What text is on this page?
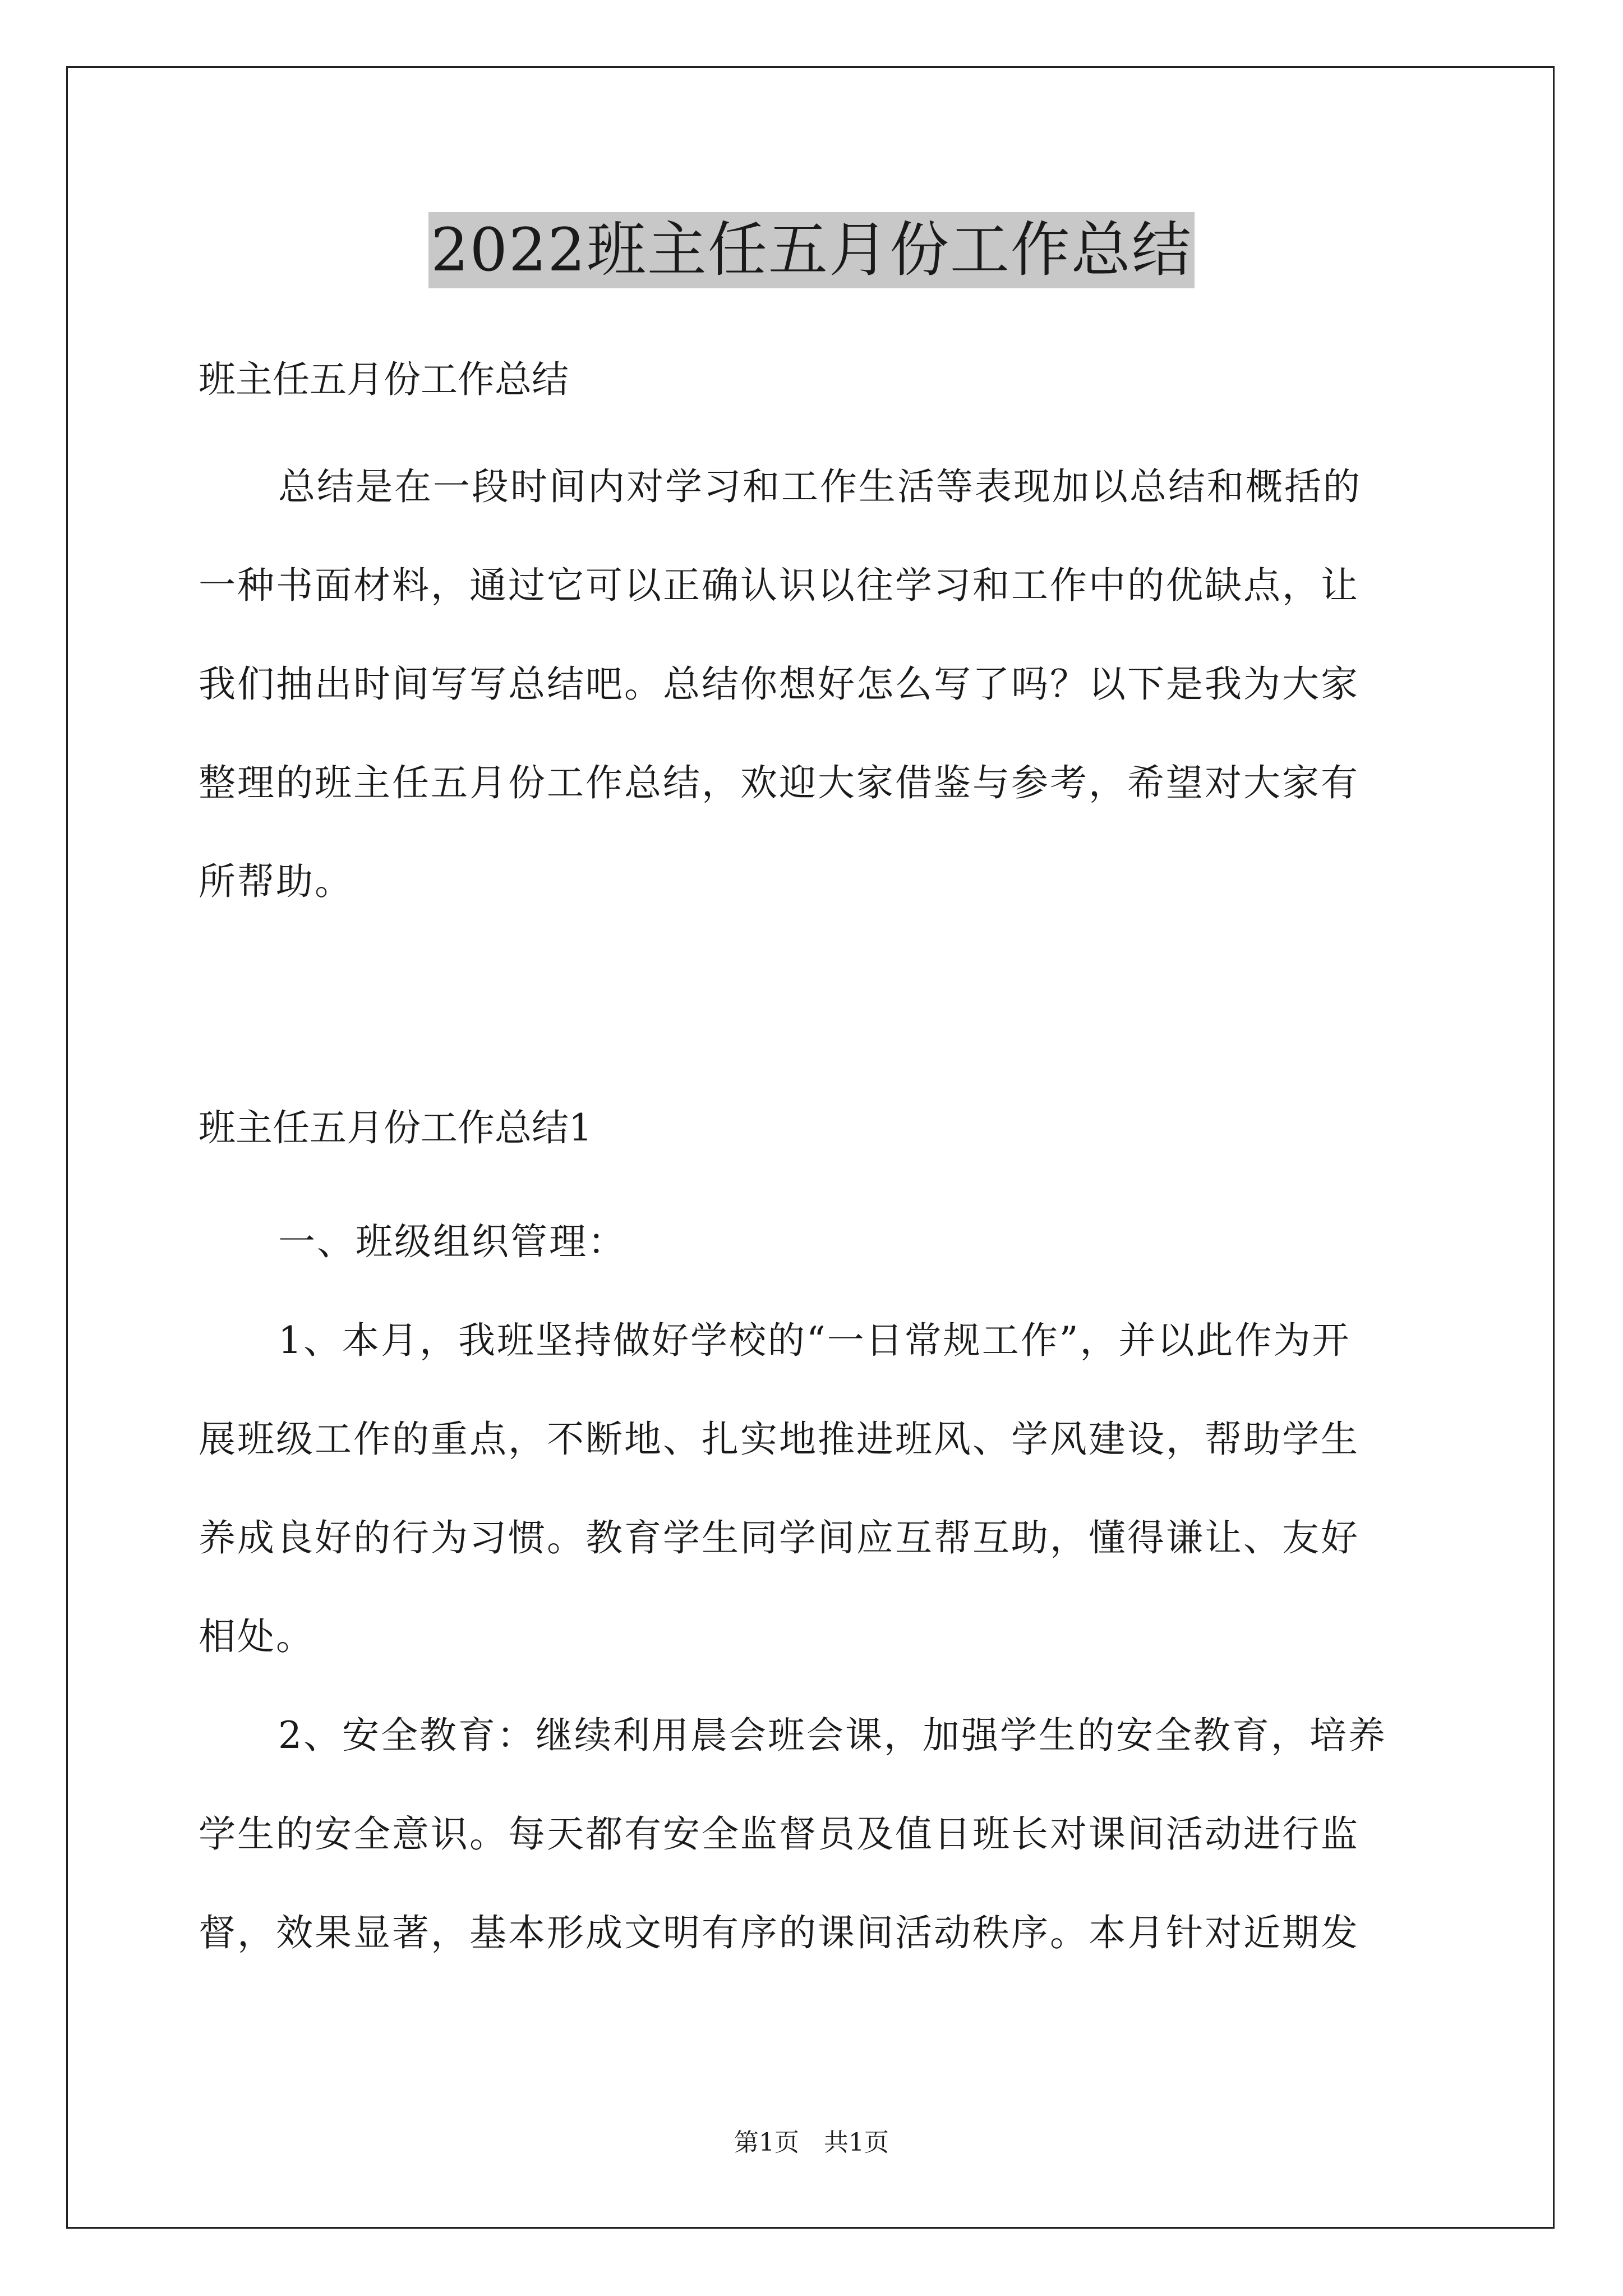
2022班主任五月份工作总结
班主任五月份工作总结
总结是在一段时间内对学习和工作生活等表现加以总结和概括的
一种书面材料，通过它可以正确认识以往学习和工作中的优缺点，让
我们抽出时间写写总结吧。总结你想好怎么写了吗？以下是我为大家
整理的班主任五月份工作总结，欢迎大家借鉴与参考，希望对大家有
所帮助。
班主任五月份工作总结1
一、班级组织管理：
1、本月，我班坚持做好学校的“一日常规工作”，并以此作为开
展班级工作的重点，不断地、扎实地推进班风、学风建设，帮助学生
养成良好的行为习惯。教育学生同学间应互帮互助，懂得谦让、友好
相处。
2、安全教育：继续利用晨会班会课，加强学生的安全教育，培养
学生的安全意识。每天都有安全监督员及值日班长对课间活动进行监
督，效果显著，基本形成文明有序的课间活动秩序。本月针对近期发
第1页　共1页
